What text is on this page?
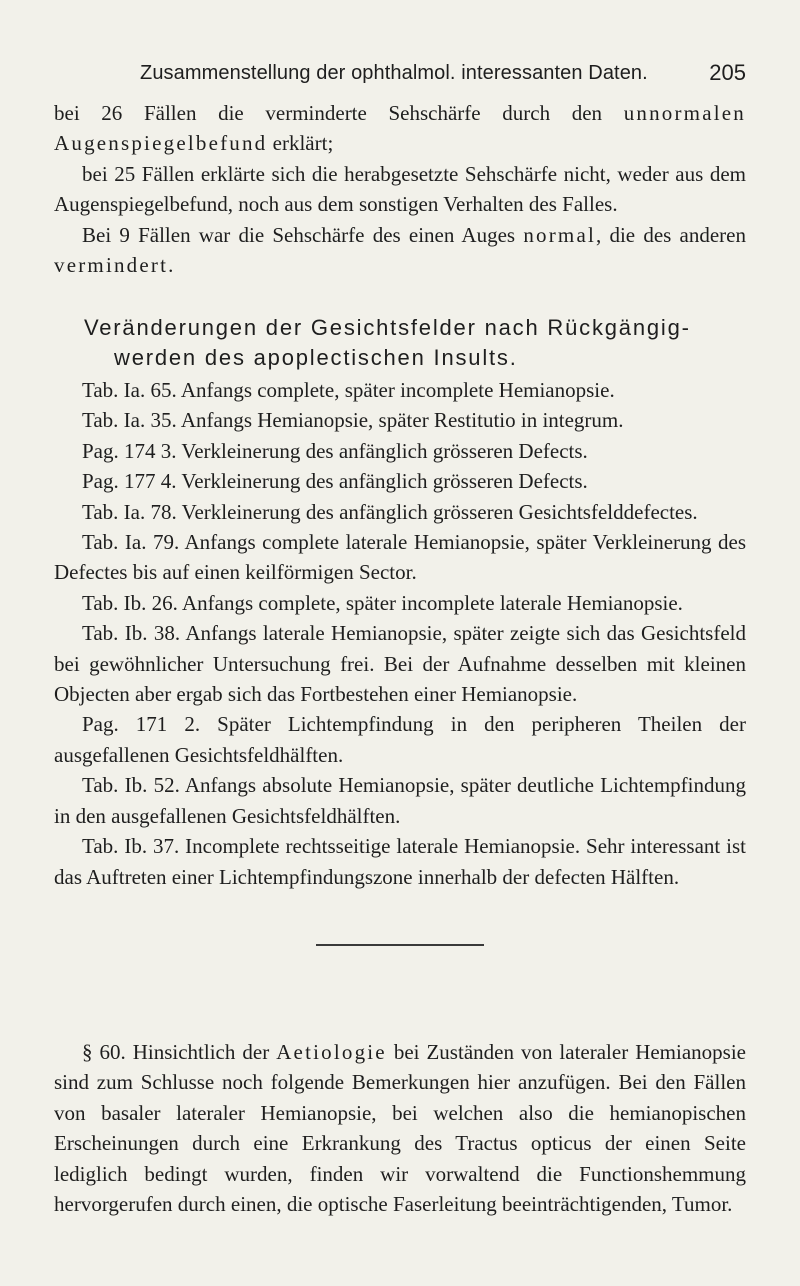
Zusammenstellung der ophthalmol. interessanten Daten.	205

bei 26 Fällen die verminderte Sehschärfe durch den unnormalen Augenspiegelbefund erklärt;

bei 25 Fällen erklärte sich die herabgesetzte Sehschärfe nicht, weder aus dem Augenspiegelbefund, noch aus dem sonstigen Verhalten des Falles.

Bei 9 Fällen war die Sehschärfe des einen Auges normal, die des anderen vermindert.

Veränderungen der Gesichtsfelder nach Rückgängig-
werden des apoplectischen Insults.

Tab. Ia. 65. Anfangs complete, später incomplete Hemianopsie.

Tab. Ia. 35. Anfangs Hemianopsie, später Restitutio in integrum.

Pag. 174 3. Verkleinerung des anfänglich grösseren Defects.

Pag. 177 4. Verkleinerung des anfänglich grösseren Defects.

Tab. Ia. 78. Verkleinerung des anfänglich grösseren Gesichtsfelddefectes.

Tab. Ia. 79. Anfangs complete laterale Hemianopsie, später Verkleinerung des Defectes bis auf einen keilförmigen Sector.

Tab. Ib. 26. Anfangs complete, später incomplete laterale Hemianopsie.

Tab. Ib. 38. Anfangs laterale Hemianopsie, später zeigte sich das Gesichtsfeld bei gewöhnlicher Untersuchung frei. Bei der Aufnahme desselben mit kleinen Objecten aber ergab sich das Fortbestehen einer Hemianopsie.

Pag. 171 2. Später Lichtempfindung in den peripheren Theilen der ausgefallenen Gesichtsfeldhälften.

Tab. Ib. 52. Anfangs absolute Hemianopsie, später deutliche Lichtempfindung in den ausgefallenen Gesichtsfeldhälften.

Tab. Ib. 37. Incomplete rechtsseitige laterale Hemianopsie. Sehr interessant ist das Auftreten einer Lichtempfindungszone innerhalb der defecten Hälften.

§ 60. Hinsichtlich der Aetiologie bei Zuständen von lateraler Hemianopsie sind zum Schlusse noch folgende Bemerkungen hier anzufügen. Bei den Fällen von basaler lateraler Hemianopsie, bei welchen also die hemianopischen Erscheinungen durch eine Erkrankung des Tractus opticus der einen Seite lediglich bedingt wurden, finden wir vorwaltend die Functionshemmung hervorgerufen durch einen, die optische Faserleitung beeinträchtigenden, Tumor.
